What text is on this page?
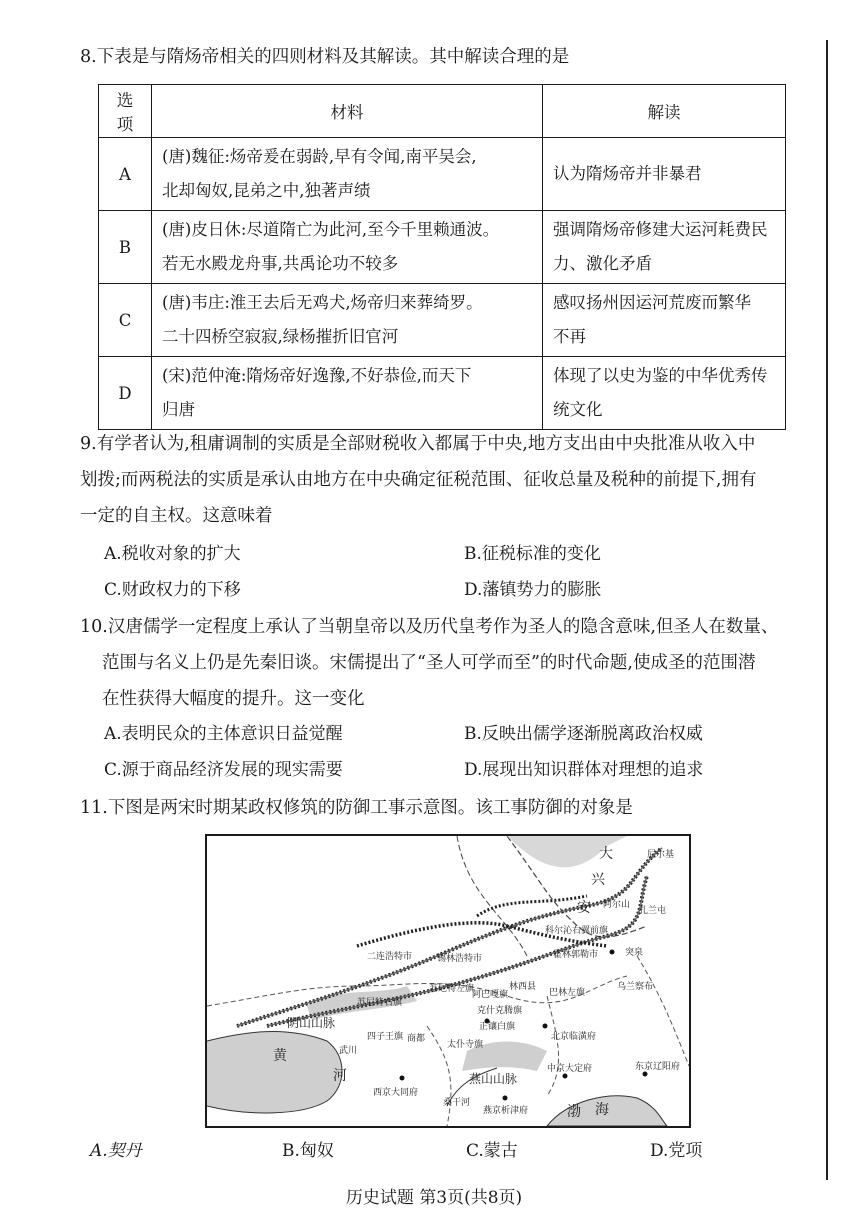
8.下表是与隋炀帝相关的四则材料及其解读。其中解读合理的是
选项	材料	解读
A	(唐)魏征:炀帝爰在弱龄,早有令闻,南平吴会,
北却匈奴,昆弟之中,独著声绩	认为隋炀帝并非暴君

B	(唐)皮日休:尽道隋亡为此河,至今千里赖通波。
若无水殿龙舟事,共禹论功不较多	强调隋炀帝修建大运河耗费民
力、激化矛盾
C	(唐)韦庄:淮王去后无鸡犬,炀帝归来葬绮罗。
二十四桥空寂寂,绿杨摧折旧官河	感叹扬州因运河荒废而繁华
不再
D	(宋)范仲淹:隋炀帝好逸豫,不好恭俭,而天下
归唐	体现了以史为鉴的中华优秀传
统文化
9.有学者认为,租庸调制的实质是全部财税收入都属于中央,地方支出由中央批准从收入中
划拨;而两税法的实质是承认由地方在中央确定征税范围、征收总量及税种的前提下,拥有
一定的自主权。这意味着
A.税收对象的扩大	B.征税标准的变化
C.财政权力的下移	D.藩镇势力的膨胀
10.汉唐儒学一定程度上承认了当朝皇帝以及历代皇考作为圣人的隐含意味,但圣人在数量、
范围与名义上仍是先秦旧谈。宋儒提出了“圣人可学而至”的时代命题,使成圣的范围潜
在性获得大幅度的提升。这一变化
A.表明民众的主体意识日益觉醒	B.反映出儒学逐渐脱离政治权威
C.源于商品经济发展的现实需要	D.展现出知识群体对理想的追求
11.下图是两宋时期某政权修筑的防御工事示意图。该工事防御的对象是
大
兴
安
尼尔基
扎兰屯
阿尔山
科尔沁右翼前旗
突泉
霍林郭勒市
锡林浩特市
二连浩特市
苏尼特右旗
苏尼特左旗
阿巴嘎旗
林西县
巴林左旗
克什克腾旗
乌兰察布
阴山山脉	正镶白旗
太仆寺旗
武川
四子王旗 商都
黄
河
西京大同府
燕山山脉
桑干河
燕京析津府
中京大定府
北京临潢府
东京辽阳府
渤 海
A.契丹	B.匈奴	C.蒙古	D.党项
历史试题 第3页(共8页)
